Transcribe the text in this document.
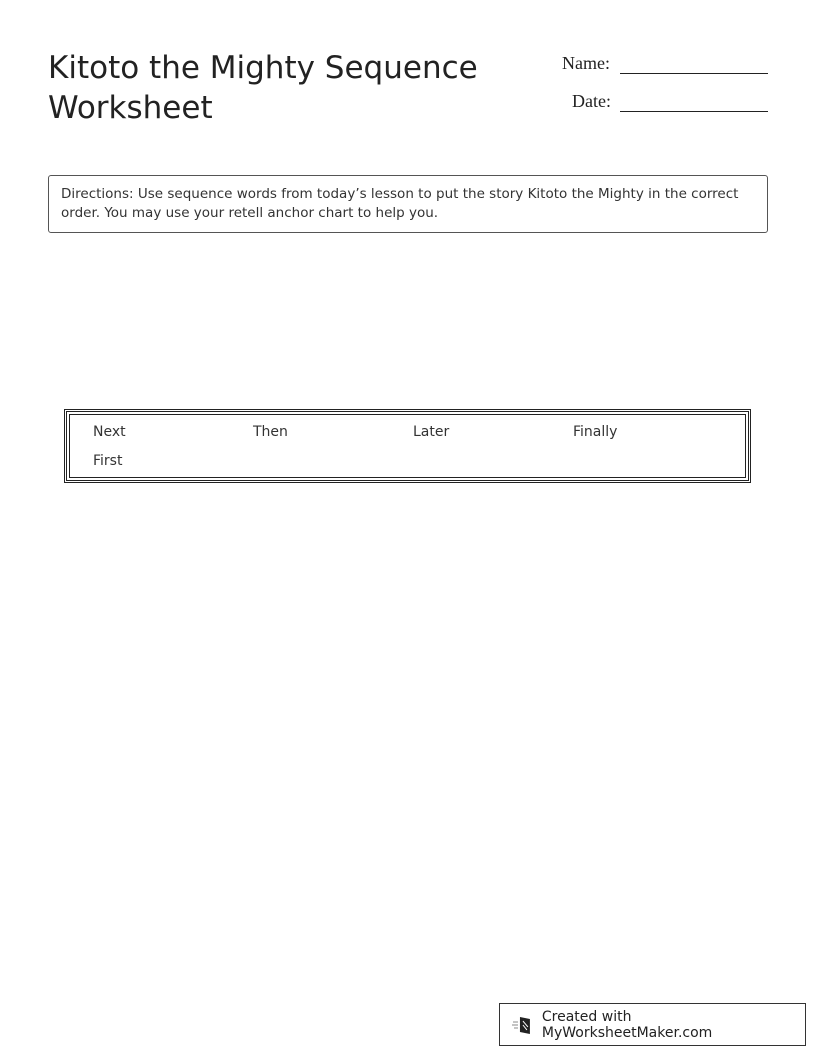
Kitoto the Mighty Sequence Worksheet
Name:
Date:
Directions: Use sequence words from today’s lesson to put the story Kitoto the Mighty in the correct order. You may use your retell anchor chart to help you.
Next	Then	Later	Finally
First
Created with MyWorksheetMaker.com
